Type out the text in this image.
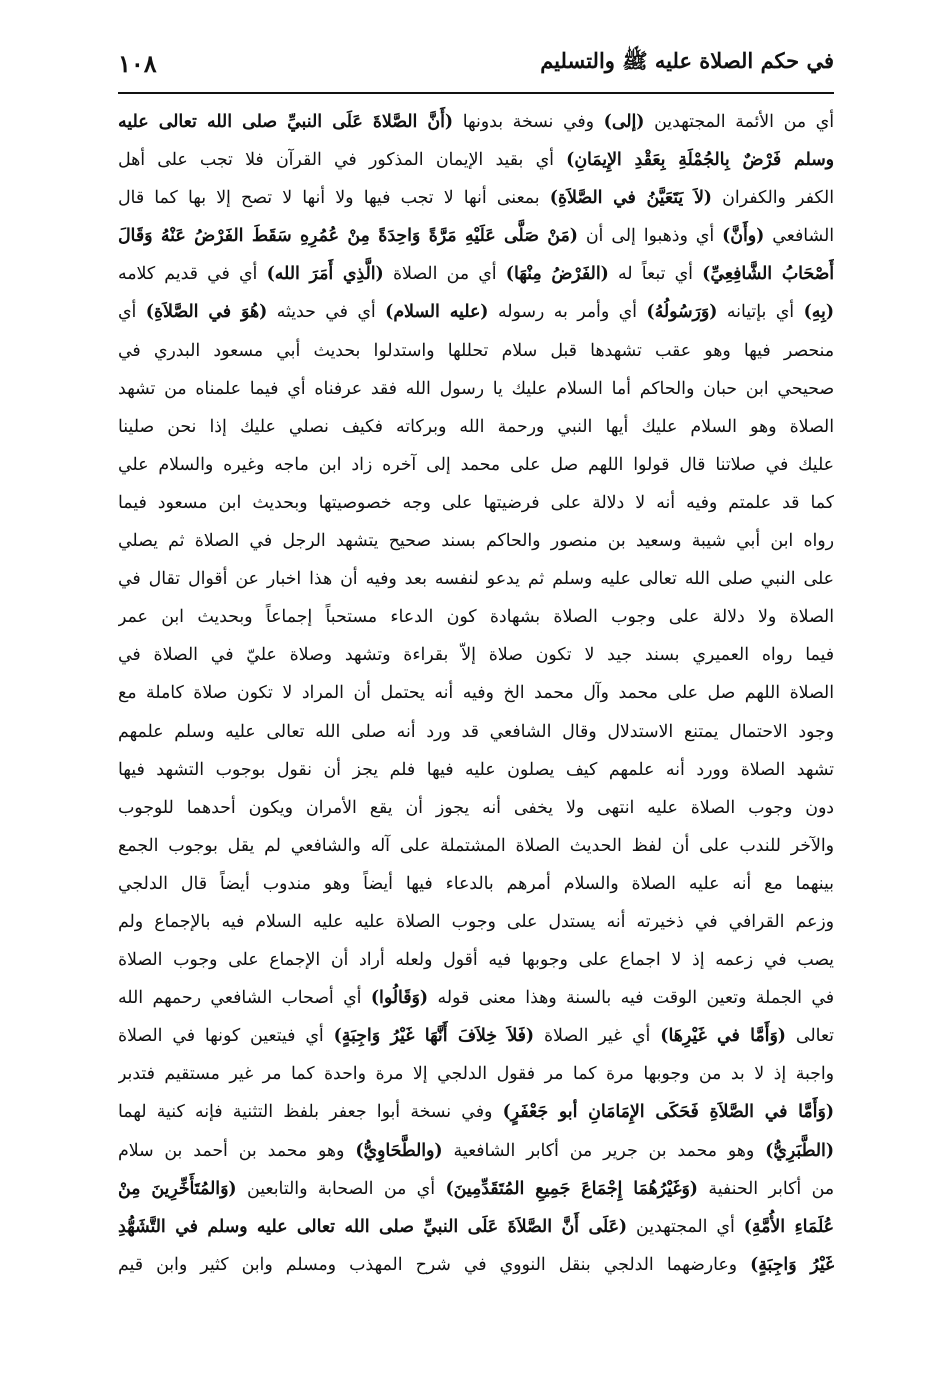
١٠٨	في حكم الصلاة عليه ﷺ والتسليم
أي من الأئمة المجتهدين (إلى) وفي نسخة بدونها (أَنَّ الصَّلاةَ عَلَى النبيِّ صلى الله تعالى عليه
وسلم فَرْضٌ بِالجُمْلَةِ بِعَقْدِ الإِيمَانِ) أي بقيد الإيمان المذكور في القرآن فلا تجب على أهل
الكفر والكفران (لاَ يَتَعَيَّنُ في الصَّلاَةِ) بمعنى أنها لا تجب فيها ولا أنها لا تصح إلا بها كما قال
الشافعي (وأَنَّ) أي وذهبوا إلى أن (مَنْ صَلَّى عَلَيْهِ مَرَّةً وَاحِدَةً مِنْ عُمُرِهِ سَقَطَ الفَرْضُ عَنْهُ وَقَالَ
أَصْحَابُ الشَّافِعِيِّ) أي تبعاً له (الفَرْضُ مِنْهَا) أي من الصلاة (الَّذِي أَمَرَ الله) أي في قديم كلامه
(بِهِ) أي بإتيانه (وَرَسُولُهُ) أي وأمر به رسوله (عليه السلام) أي في حديثه (هُوَ في الصَّلاَةِ) أي
منحصر فيها وهو عقب تشهدها قبل سلام تحللها واستدلوا بحديث أبي مسعود البدري في
صحيحي ابن حبان والحاكم أما السلام عليك يا رسول الله فقد عرفناه أي فيما علمناه من تشهد
الصلاة وهو السلام عليك أيها النبي ورحمة الله وبركاته فكيف نصلي عليك إذا نحن صلينا
عليك في صلاتنا قال قولوا اللهم صل على محمد إلى آخره زاد ابن ماجه وغيره والسلام علي
كما قد علمتم وفيه أنه لا دلالة على فرضيتها على وجه خصوصيتها وبحديث ابن مسعود فيما
رواه ابن أبي شيبة وسعيد بن منصور والحاكم بسند صحيح يتشهد الرجل في الصلاة ثم يصلي
على النبي صلى الله تعالى عليه وسلم ثم يدعو لنفسه بعد وفيه أن هذا اخبار عن أقوال تقال في
الصلاة ولا دلالة على وجوب الصلاة بشهادة كون الدعاء مستحباً إجماعاً وبحديث ابن عمر
فيما رواه العميري بسند جيد لا تكون صلاة إلاّ بقراءة وتشهد وصلاة عليّ في الصلاة في
الصلاة اللهم صل على محمد وآل محمد الخ وفيه أنه يحتمل أن المراد لا تكون صلاة كاملة مع
وجود الاحتمال يمتنع الاستدلال وقال الشافعي قد ورد أنه صلى الله تعالى عليه وسلم علمهم
تشهد الصلاة وورد أنه علمهم كيف يصلون عليه فيها فلم يجز أن نقول بوجوب التشهد فيها
دون وجوب الصلاة عليه انتهى ولا يخفى أنه يجوز أن يقع الأمران ويكون أحدهما للوجوب
والآخر للندب على أن لفظ الحديث الصلاة المشتملة على آله والشافعي لم يقل بوجوب الجمع
بينهما مع أنه عليه الصلاة والسلام أمرهم بالدعاء فيها أيضاً وهو مندوب أيضاً قال الدلجي
وزعم القرافي في ذخيرته أنه يستدل على وجوب الصلاة عليه عليه السلام فيه بالإجماع ولم
يصب في زعمه إذ لا اجماع على وجوبها فيه أقول ولعله أراد أن الإجماع على وجوب الصلاة
في الجملة وتعين الوقت فيه بالسنة وهذا معنى قوله (وَقَالُوا) أي أصحاب الشافعي رحمهم الله
تعالى (وَأَمَّا في غَيْرِهَا) أي غير الصلاة (فَلاَ خِلاَفَ أَنَّهَا غَيْرُ وَاجِبَةٍ) أي فيتعين كونها في الصلاة
واجبة إذ لا بد من وجوبها مرة كما مر فقول الدلجي إلا مرة واحدة كما مر غير مستقيم فتدبر
(وَأَمَّا في الصَّلاَةِ فَحَكَى الإِمَامَانِ أبو جَعْفَرٍ) وفي نسخة أبوا جعفر بلفظ التثنية فإنه كنية لهما
(الطَّبَرِيُّ) وهو محمد بن جرير من أكابر الشافعية (والطَّحَاوِيُّ) وهو محمد بن أحمد بن سلام
من أكابر الحنفية (وَغَيْرُهُمَا إِجْمَاعَ جَمِيعِ المُتَقَدِّمِينَ) أي من الصحابة والتابعين (وَالمُتَأَخِّرِينَ مِنْ
عُلَمَاءِ الأُمَّةِ) أي المجتهدين (عَلَى أَنَّ الصَّلاَةَ عَلَى النبيِّ صلى الله تعالى عليه وسلم في التَّشَهُّدِ
غَيْرُ وَاجِبَةٍ) وعارضهما الدلجي بنقل النووي في شرح المهذب ومسلم وابن كثير وابن قيم
